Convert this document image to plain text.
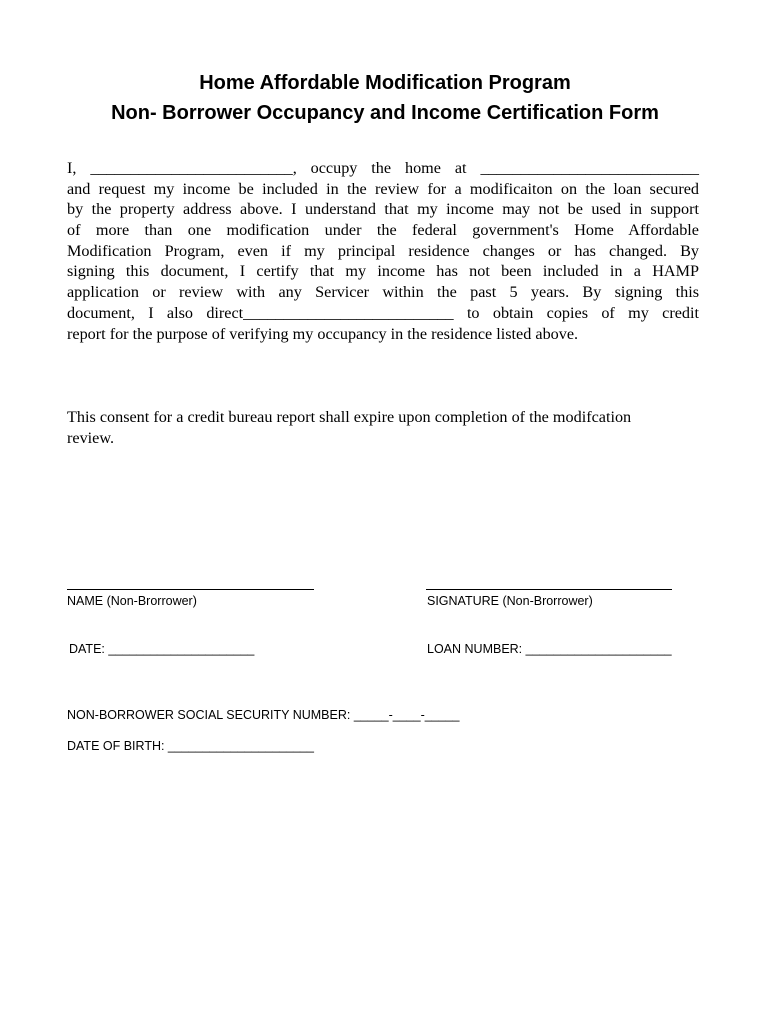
Home Affordable Modification Program
Non- Borrower Occupancy and Income Certification Form
I, _________________________, occupy the home at ___________________________
and request my income be included in the review for a modificaiton on the loan secured
by the property address above. I understand that my income may not be used in support
of more than one modification under the federal government's Home Affordable
Modification Program, even if my principal residence changes or has changed. By
signing this document, I certify that my income has not been included in a HAMP
application or review with any Servicer within the past 5 years. By signing this
document, I also direct__________________________ to obtain copies of my credit
report for the purpose of verifying my occupancy in the residence listed above.
This consent for a credit bureau report shall expire upon completion of the modifcation
review.
NAME (Non-Brorrower)	SIGNATURE (Non-Brorrower)
DATE: _____________________	LOAN NUMBER: _____________________
NON-BORROWER SOCIAL SECURITY NUMBER: _____-____-_____
DATE OF BIRTH: _____________________
